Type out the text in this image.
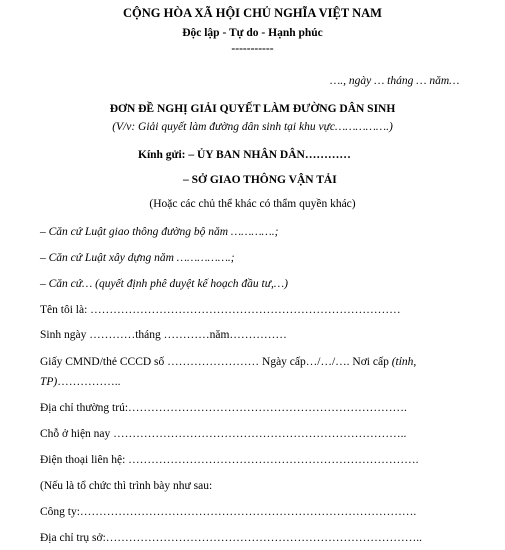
CỘNG HÒA XÃ HỘI CHỦ NGHĨA VIỆT NAM
Độc lập - Tự do - Hạnh phúc
-----------
…., ngày … tháng … năm…
ĐƠN ĐỀ NGHỊ GIẢI QUYẾT LÀM ĐƯỜNG DÂN SINH
(V/v: Giải quyết làm đường dân sinh tại khu vực…………….)
Kính gửi: – ỦY BAN NHÂN DÂN…………
– SỞ GIAO THÔNG VẬN TẢI
(Hoặc các chủ thể khác có thẩm quyền khác)
– Căn cứ Luật giao thông đường bộ năm ………….;
– Căn cứ Luật xây dựng năm …………….;
– Căn cứ… (quyết định phê duyệt kế hoạch đầu tư,…)
Tên tôi là: ………………………………………………………………………
Sinh ngày …………tháng …………năm……………
Giấy CMND/thẻ CCCD số …………………… Ngày cấp…/…/…. Nơi cấp (tỉnh,
TP)……………..
Địa chỉ thường trú:……………………………………………………………….
Chỗ ở hiện nay …………………………………………………………………..
Điện thoại liên hệ: ………………………………………………………………….
(Nếu là tổ chức thì trình bày như sau:
Công ty:…………………………………………………………………………….
Địa chỉ trụ sở:………………………………………………………………………..
